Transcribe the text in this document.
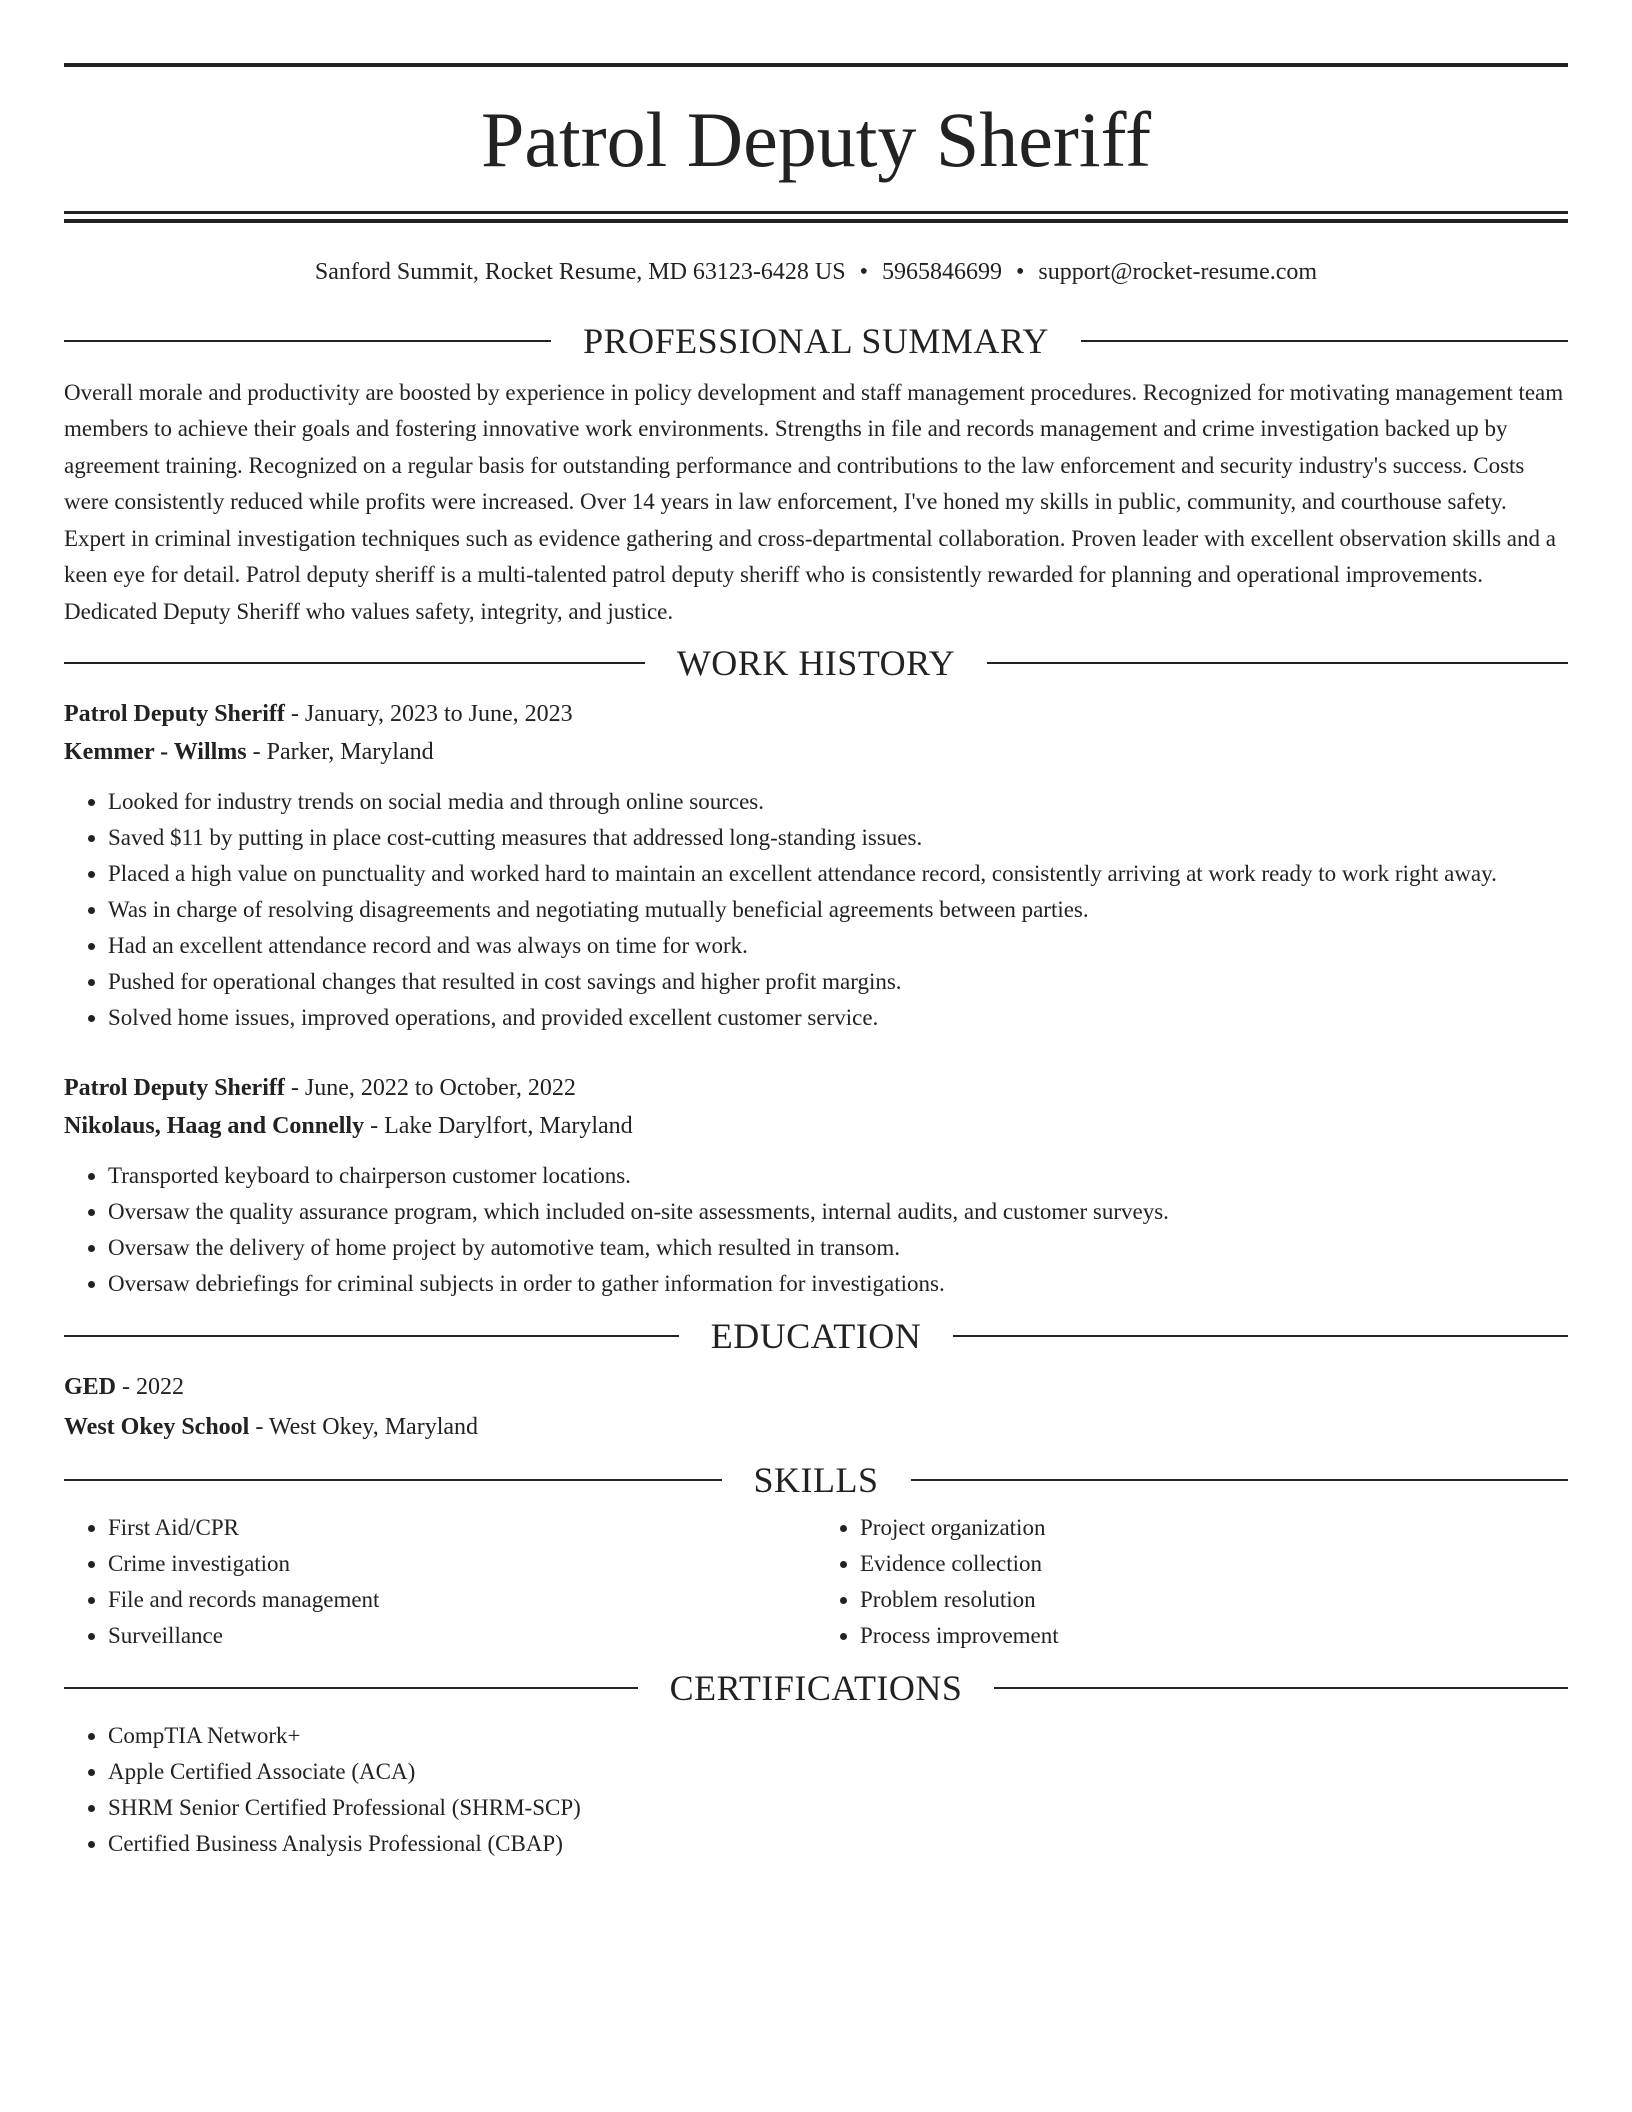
Patrol Deputy Sheriff
Sanford Summit, Rocket Resume, MD 63123-6428 US • 5965846699 • support@rocket-resume.com
PROFESSIONAL SUMMARY

Overall morale and productivity are boosted by experience in policy development and staff management procedures. Recognized for motivating management team members to achieve their goals and fostering innovative work environments. Strengths in file and records management and crime investigation backed up by agreement training. Recognized on a regular basis for outstanding performance and contributions to the law enforcement and security industry's success. Costs were consistently reduced while profits were increased. Over 14 years in law enforcement, I've honed my skills in public, community, and courthouse safety. Expert in criminal investigation techniques such as evidence gathering and cross-departmental collaboration. Proven leader with excellent observation skills and a keen eye for detail. Patrol deputy sheriff is a multi-talented patrol deputy sheriff who is consistently rewarded for planning and operational improvements. Dedicated Deputy Sheriff who values safety, integrity, and justice.

WORK HISTORY
Patrol Deputy Sheriff - January, 2023 to June, 2023
Kemmer - Willms - Parker, Maryland
• Looked for industry trends on social media and through online sources.
• Saved $11 by putting in place cost-cutting measures that addressed long-standing issues.
• Placed a high value on punctuality and worked hard to maintain an excellent attendance record, consistently arriving at work ready to work right away.
• Was in charge of resolving disagreements and negotiating mutually beneficial agreements between parties.
• Had an excellent attendance record and was always on time for work.
• Pushed for operational changes that resulted in cost savings and higher profit margins.
• Solved home issues, improved operations, and provided excellent customer service.
Patrol Deputy Sheriff - June, 2022 to October, 2022
Nikolaus, Haag and Connelly - Lake Darylfort, Maryland
• Transported keyboard to chairperson customer locations.
• Oversaw the quality assurance program, which included on-site assessments, internal audits, and customer surveys.
• Oversaw the delivery of home project by automotive team, which resulted in transom.
• Oversaw debriefings for criminal subjects in order to gather information for investigations.
EDUCATION
GED - 2022
West Okey School - West Okey, Maryland
SKILLS
• First Aid/CPR
• Crime investigation
• File and records management
• Surveillance
• Project organization
• Evidence collection
• Problem resolution
• Process improvement
CERTIFICATIONS
• CompTIA Network+
• Apple Certified Associate (ACA)
• SHRM Senior Certified Professional (SHRM-SCP)
• Certified Business Analysis Professional (CBAP)
